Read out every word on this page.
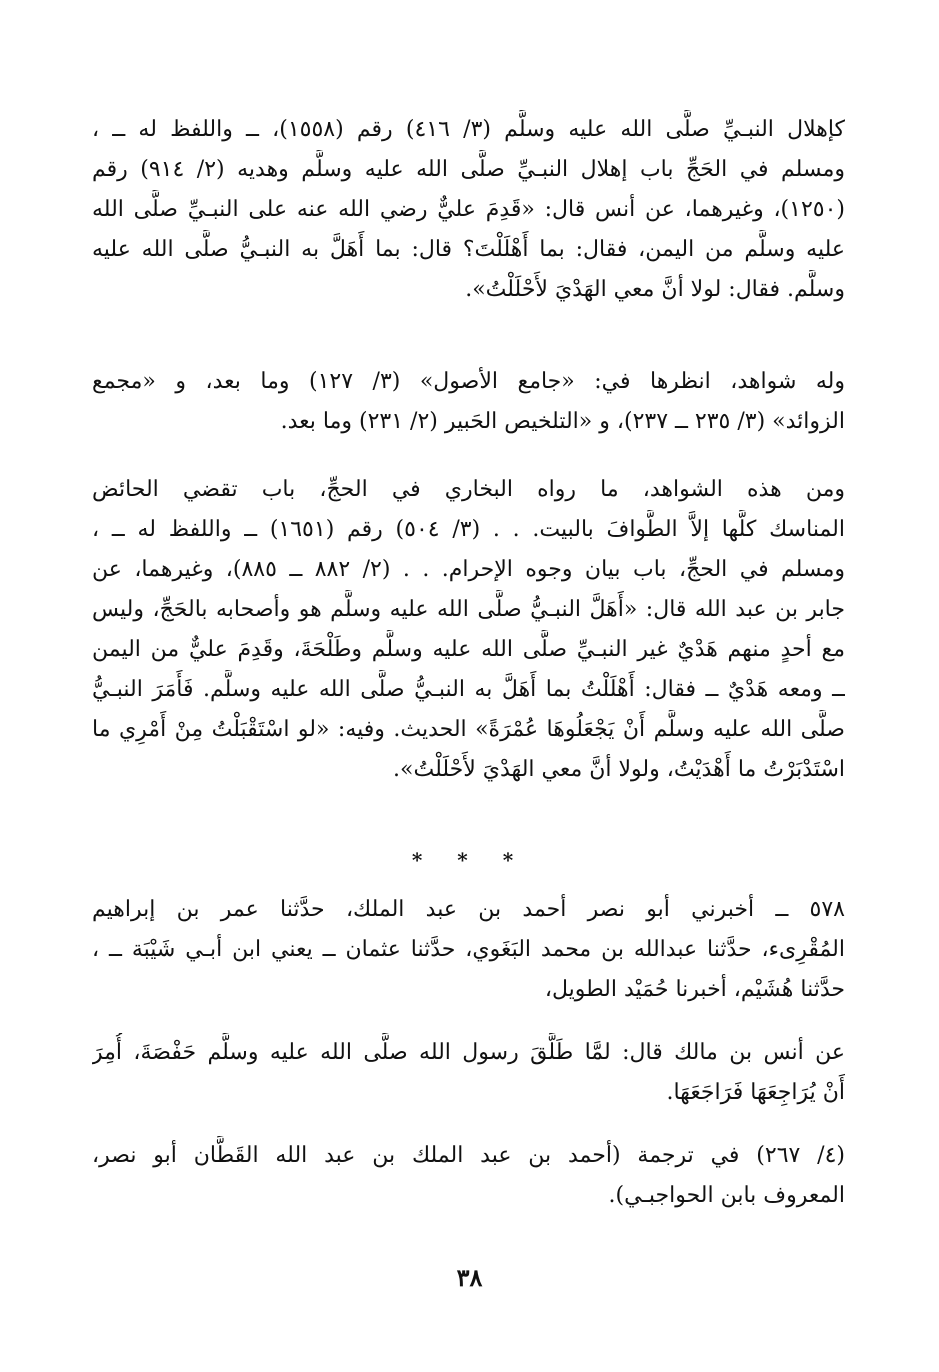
كإهلال النبـيِّ صلَّى الله عليه وسلَّم (٣/ ٤١٦) رقم (١٥٥٨)، ــ واللفظ له ــ ،
ومسلم في الحَجِّ باب إهلال النبـيِّ صلَّى الله عليه وسلَّم وهديه (٢/ ٩١٤) رقم
(١٢٥٠)، وغيرهما، عن أنس قال: «قَدِمَ عليٌّ رضي الله عنه على النبـيِّ صلَّى الله
عليه وسلَّم من اليمن، فقال: بما أَهْلَلْتَ؟ قال: بما أَهَلَّ به النبـيُّ صلَّى الله عليه
وسلَّم. فقال: لولا أنَّ معي الهَدْيَ لأَحْلَلْتُ».
وله شواهد، انظرها في: «جامع الأصول» (٣/ ١٢٧) وما بعد، و «مجمع
الزوائد» (٣/ ٢٣٥ ــ ٢٣٧)، و «التلخيص الحَبير (٢/ ٢٣١) وما بعد.
ومن هذه الشواهد، ما رواه البخاري في الحجِّ، باب تقضي الحائض
المناسك كلَّها إلاَّ الطَّوافَ بالبيت. . . (٣/ ٥٠٤) رقم (١٦٥١) ــ واللفظ له ــ ،
ومسلم في الحجِّ، باب بيان وجوه الإحرام. . . (٢/ ٨٨٢ ــ ٨٨٥)، وغيرهما، عن
جابر بن عبد الله قال: «أَهَلَّ النبـيُّ صلَّى الله عليه وسلَّم هو وأصحابه بالحَجِّ، وليس
مع أحدٍ منهم هَدْيٌ غير النبـيِّ صلَّى الله عليه وسلَّم وطَلْحَةَ، وقَدِمَ عليٌّ من اليمن
ــ ومعه هَدْيٌ ــ فقال: أَهْلَلْتُ بما أَهَلَّ به النبـيُّ صلَّى الله عليه وسلَّم. فَأَمَرَ النبـيُّ
صلَّى الله عليه وسلَّم أَنْ يَجْعَلُوهَا عُمْرَةً» الحديث. وفيه: «لو اسْتَقْبَلْتُ مِنْ أَمْرِي ما
اسْتَدْبَرْتُ ما أَهْدَيْتُ، ولولا أنَّ معي الهَدْيَ لأَحْلَلْتُ».
* * *
٥٧٨ ــ أخبرني أبو نصر أحمد بن عبد الملك، حدَّثنا عمر بن إبراهيم
المُقْرِىء، حدَّثنا عبدالله بن محمد البَغَوي، حدَّثنا عثمان ــ يعني ابن أبـي شَيْبَة ــ ،
حدَّثنا هُشَيْم، أخبرنا حُمَيْد الطويل،
عن أنس بن مالك قال: لمَّا طَلَّقَ رسول الله صلَّى الله عليه وسلَّم حَفْصَةَ، أُمِرَ
أَنْ يُرَاجِعَهَا فَرَاجَعَهَا.
(٤/ ٢٦٧) في ترجمة (أحمد بن عبد الملك بن عبد الله القَطَّان أبو نصر،
المعروف بابن الحواجبـي).
٣٨
